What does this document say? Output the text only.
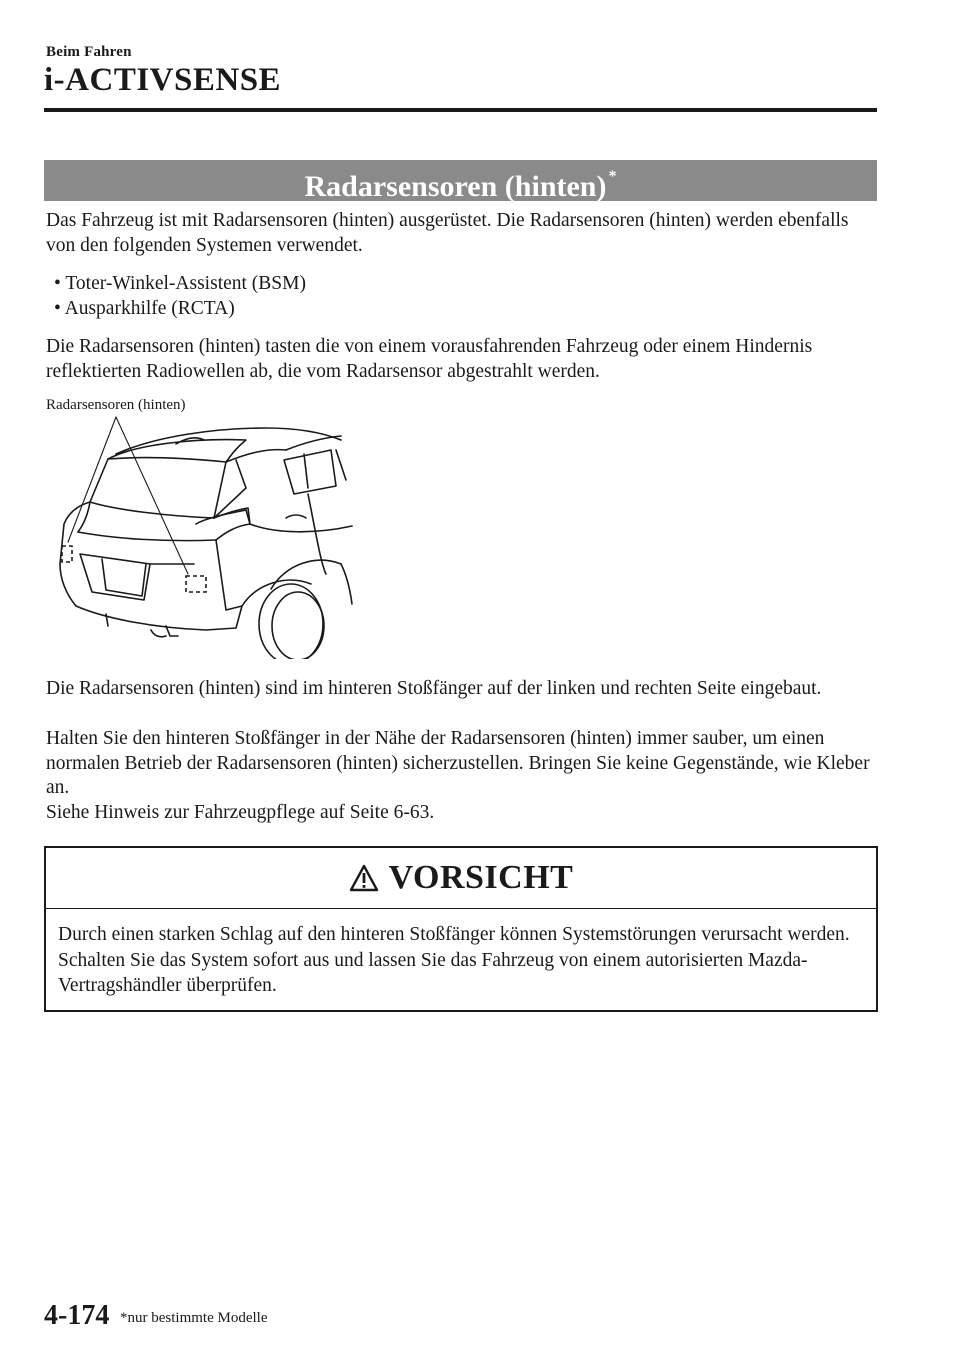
Beim Fahren
i-ACTIVSENSE
Radarsensoren (hinten) *

Das Fahrzeug ist mit Radarsensoren (hinten) ausgerüstet. Die Radarsensoren (hinten) werden ebenfalls von den folgenden Systemen verwendet.

• Toter-Winkel-Assistent (BSM)
• Ausparkhilfe (RCTA)

Die Radarsensoren (hinten) tasten die von einem vorausfahrenden Fahrzeug oder einem Hindernis reflektierten Radiowellen ab, die vom Radarsensor abgestrahlt werden.

Radarsensoren (hinten)

Die Radarsensoren (hinten) sind im hinteren Stoßfänger auf der linken und rechten Seite eingebaut.

Halten Sie den hinteren Stoßfänger in der Nähe der Radarsensoren (hinten) immer sauber, um einen normalen Betrieb der Radarsensoren (hinten) sicherzustellen. Bringen Sie keine Gegenstände, wie Kleber an.

Siehe Hinweis zur Fahrzeugpflege auf Seite 6-63.

VORSICHT

Durch einen starken Schlag auf den hinteren Stoßfänger können Systemstörungen verursacht werden. Schalten Sie das System sofort aus und lassen Sie das Fahrzeug von einem autorisierten Mazda-Vertragshändler überprüfen.

4-174 *nur bestimmte Modelle
